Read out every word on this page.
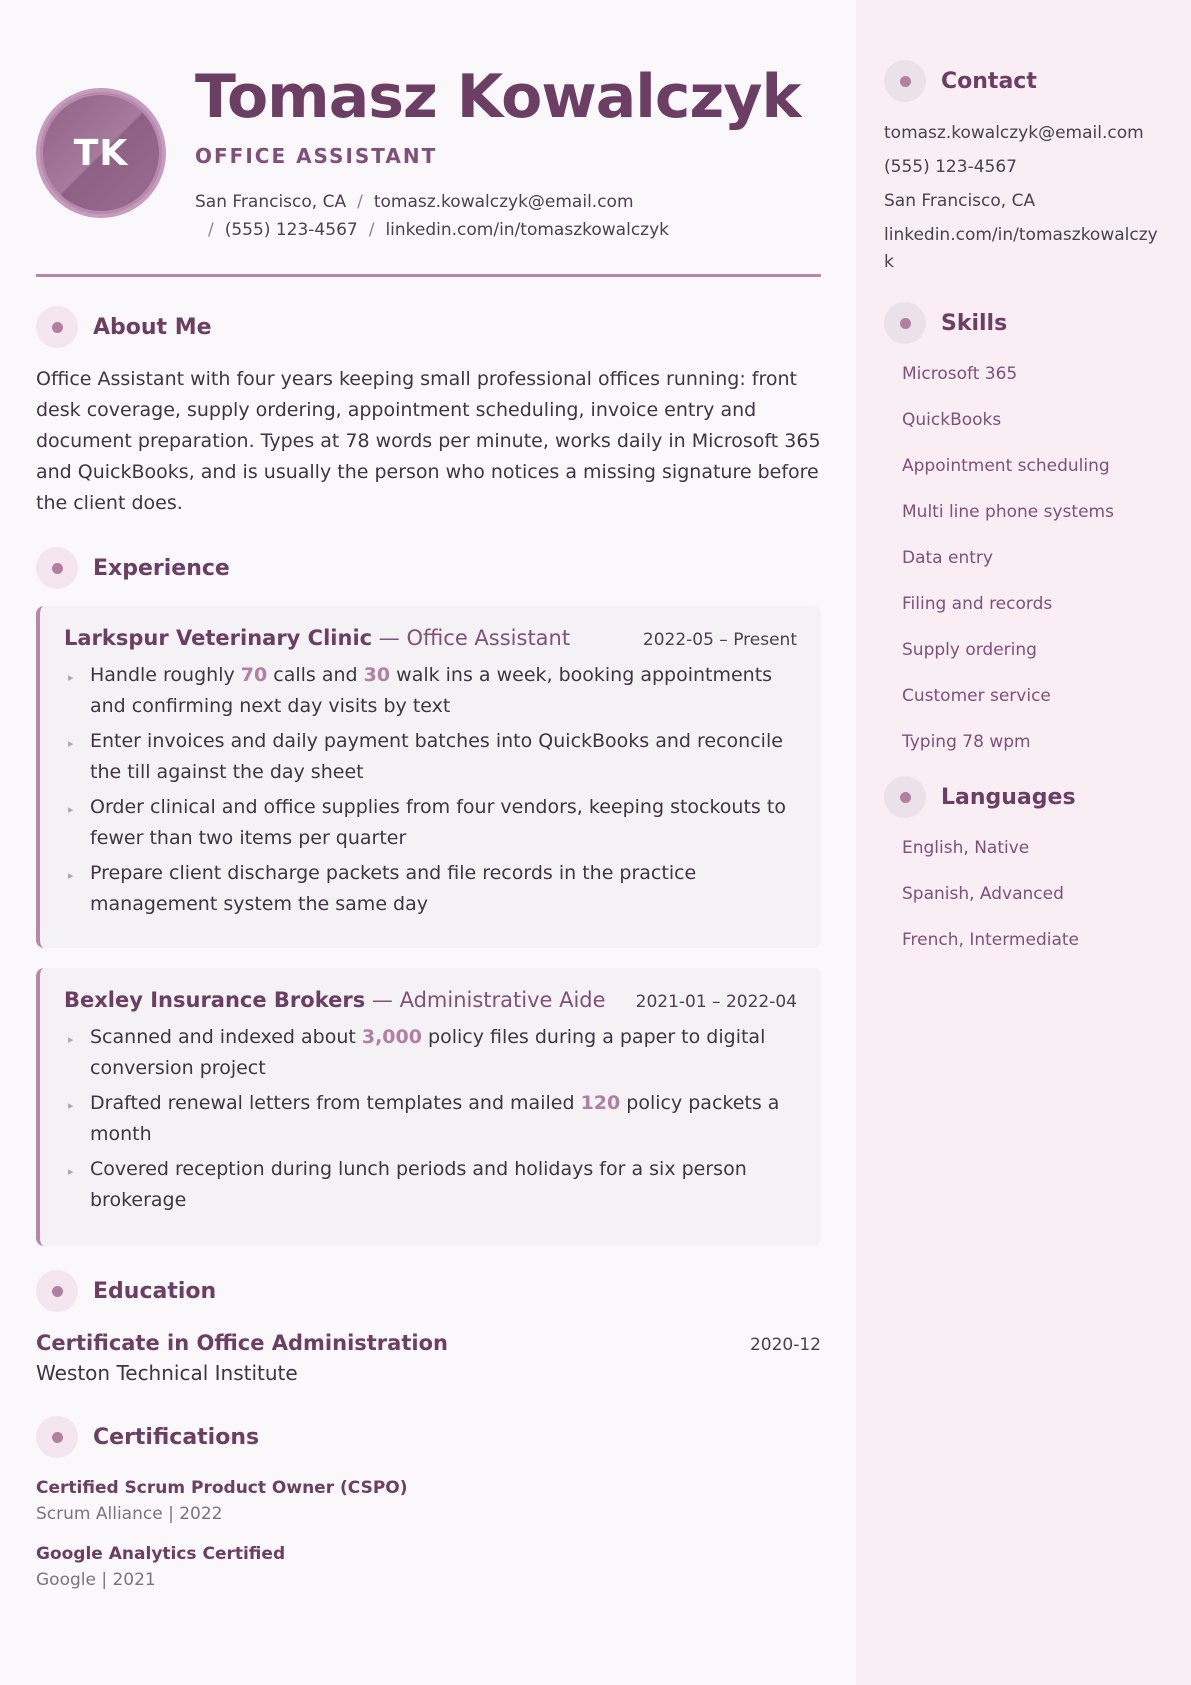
TK
Tomasz Kowalczyk
OFFICE ASSISTANT
San Francisco, CA / tomasz.kowalczyk@email.com
/ (555) 123-4567 / linkedin.com/in/tomaszkowalczyk
About Me

Office Assistant with four years keeping small professional offices running: front desk coverage, supply ordering, appointment scheduling, invoice entry and document preparation. Types at 78 words per minute, works daily in Microsoft 365 and QuickBooks, and is usually the person who notices a missing signature before the client does.

Experience
Larkspur Veterinary Clinic — Office Assistant	2022-05 – Present
▸ Handle roughly 70 calls and 30 walk ins a week, booking appointments and confirming next day visits by text
▸ Enter invoices and daily payment batches into QuickBooks and reconcile the till against the day sheet
▸ Order clinical and office supplies from four vendors, keeping stockouts to fewer than two items per quarter
▸ Prepare client discharge packets and file records in the practice management system the same day
Bexley Insurance Brokers — Administrative Aide 2021-01 – 2022-04
▸ Scanned and indexed about 3,000 policy files during a paper to digital conversion project
▸ Drafted renewal letters from templates and mailed 120 policy packets a month
▸ Covered reception during lunch periods and holidays for a six person brokerage
Education
Certificate in Office Administration	2020-12
Weston Technical Institute
Certifications
Certified Scrum Product Owner (CSPO)
Scrum Alliance | 2022
Google Analytics Certified
Google | 2021
Contact
tomasz.kowalczyk@email.com
(555) 123-4567
San Francisco, CA
linkedin.com/in/tomaszkowalczyk
Skills
Microsoft 365
QuickBooks
Appointment scheduling
Multi line phone systems
Data entry
Filing and records
Supply ordering
Customer service
Typing 78 wpm
Languages
English, Native
Spanish, Advanced
French, Intermediate
